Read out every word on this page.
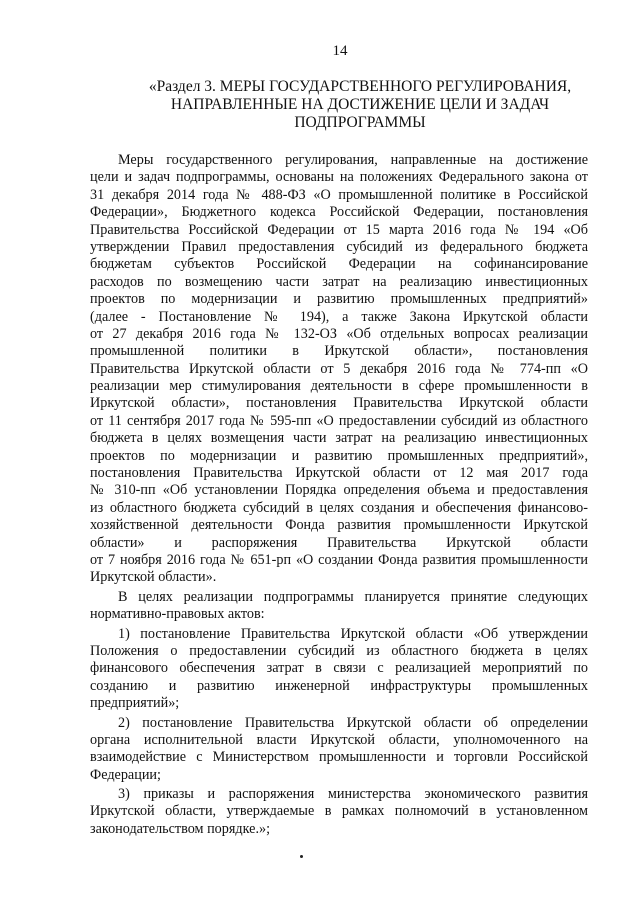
14
«Раздел 3. МЕРЫ ГОСУДАРСТВЕННОГО РЕГУЛИРОВАНИЯ,
НАПРАВЛЕННЫЕ НА ДОСТИЖЕНИЕ ЦЕЛИ И ЗАДАЧ
ПОДПРОГРАММЫ
Меры государственного регулирования, направленные на достижение
цели и задач подпрограммы, основаны на положениях Федерального закона от
31 декабря 2014 года № 488-ФЗ «О промышленной политике в Российской
Федерации», Бюджетного кодекса Российской Федерации, постановления
Правительства Российской Федерации от 15 марта 2016 года № 194 «Об
утверждении Правил предоставления субсидий из федерального бюджета
бюджетам субъектов Российской Федерации на софинансирование
расходов по возмещению части затрат на реализацию инвестиционных
проектов по модернизации и развитию промышленных предприятий»
(далее - Постановление № 194), а также Закона Иркутской области
от 27 декабря 2016 года № 132-ОЗ «Об отдельных вопросах реализации
промышленной политики в Иркутской области», постановления
Правительства Иркутской области от 5 декабря 2016 года № 774-пп «О
реализации мер стимулирования деятельности в сфере промышленности в
Иркутской области», постановления Правительства Иркутской области
от 11 сентября 2017 года № 595-пп «О предоставлении субсидий из областного
бюджета в целях возмещения части затрат на реализацию инвестиционных
проектов по модернизации и развитию промышленных предприятий»,
постановления Правительства Иркутской области от 12 мая 2017 года
№ 310-пп «Об установлении Порядка определения объема и предоставления
из областного бюджета субсидий в целях создания и обеспечения финансово-
хозяйственной деятельности Фонда развития промышленности Иркутской
области» и распоряжения Правительства Иркутской области
от 7 ноября 2016 года № 651-рп «О создании Фонда развития промышленности
Иркутской области».
В целях реализации подпрограммы планируется принятие следующих
нормативно-правовых актов:
1) постановление Правительства Иркутской области «Об утверждении
Положения о предоставлении субсидий из областного бюджета в целях
финансового обеспечения затрат в связи с реализацией мероприятий по
созданию и развитию инженерной инфраструктуры промышленных
предприятий»;
2) постановление Правительства Иркутской области об определении
органа исполнительной власти Иркутской области, уполномоченного на
взаимодействие с Министерством промышленности и торговли Российской
Федерации;
3) приказы и распоряжения министерства экономического развития
Иркутской области, утверждаемые в рамках полномочий в установленном
законодательством порядке.»;
